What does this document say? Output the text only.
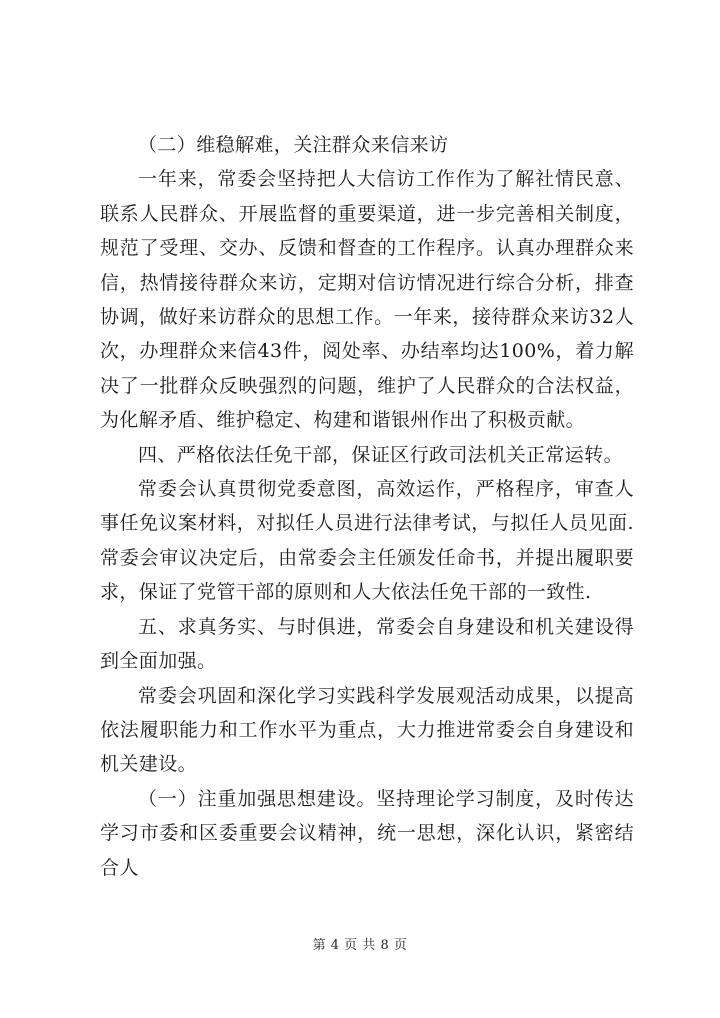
（二）维稳解难，关注群众来信来访

一年来，常委会坚持把人大信访工作作为了解社情民意、联系人民群众、开展监督的重要渠道，进一步完善相关制度，规范了受理、交办、反馈和督查的工作程序。认真办理群众来信，热情接待群众来访，定期对信访情况进行综合分析，排查协调，做好来访群众的思想工作。一年来，接待群众来访32人次，办理群众来信43件，阅处率、办结率均达100%，着力解决了一批群众反映强烈的问题，维护了人民群众的合法权益，为化解矛盾、维护稳定、构建和谐银州作出了积极贡献。

四、严格依法任免干部，保证区行政司法机关正常运转。

常委会认真贯彻党委意图，高效运作，严格程序，审查人事任免议案材料，对拟任人员进行法律考试，与拟任人员见面.常委会审议决定后，由常委会主任颁发任命书，并提出履职要求，保证了党管干部的原则和人大依法任免干部的一致性.

五、求真务实、与时俱进，常委会自身建设和机关建设得到全面加强。

常委会巩固和深化学习实践科学发展观活动成果，以提高依法履职能力和工作水平为重点，大力推进常委会自身建设和机关建设。

（一）注重加强思想建设。坚持理论学习制度，及时传达学习市委和区委重要会议精神，统一思想，深化认识，紧密结合人

第 4 页 共 8 页
